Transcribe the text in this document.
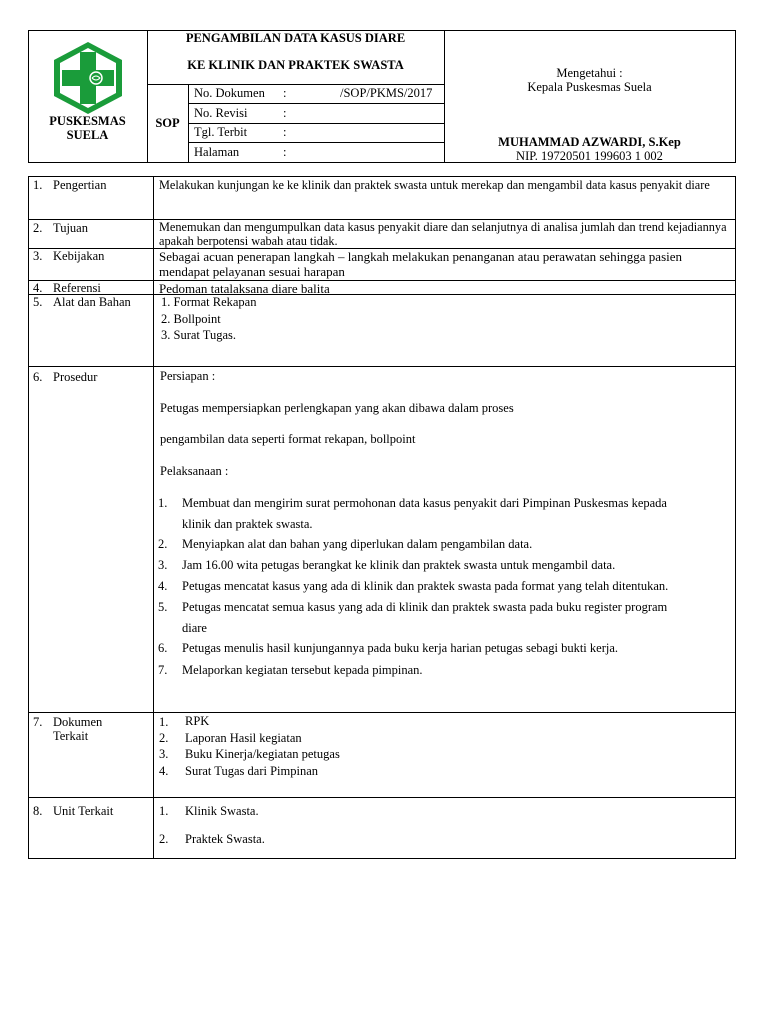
PUSKESMAS
SUELA
SOP
PENGAMBILAN DATA KASUS DIARE
KE KLINIK DAN PRAKTEK SWASTA
No. Dokumen :	/SOP/PKMS/2017
No. Revisi	:
Tgl. Terbit	:
Halaman	:
Mengetahui :
Kepala Puskesmas Suela
MUHAMMAD AZWARDI, S.Kep
NIP. 19720501 199603 1 002
1. Pengertian	Melakukan kunjungan ke ke klinik dan praktek swasta untuk merekap dan mengambil data kasus penyakit diare
2. Tujuan	Menemukan dan mengumpulkan data kasus penyakit diare dan selanjutnya di analisa jumlah dan trend kejadiannya apakah berpotensi wabah atau tidak.
3. Kebijakan	Sebagai acuan penerapan langkah – langkah melakukan penanganan atau perawatan sehingga pasien mendapat pelayanan sesuai harapan
4. Referensi	Pedoman tatalaksana diare balita
5. Alat dan Bahan 1. Format Rekapan
2. Bollpoint
3. Surat Tugas.
6. Prosedur	Persiapan :
Petugas mempersiapkan perlengkapan yang akan dibawa dalam proses
pengambilan data seperti format rekapan, bollpoint
Pelaksanaan :
1. Membuat dan mengirim surat permohonan data kasus penyakit dari Pimpinan Puskesmas kepada
klinik dan praktek swasta.
2. Menyiapkan alat dan bahan yang diperlukan dalam pengambilan data.
3. Jam 16.00 wita petugas berangkat ke klinik dan praktek swasta untuk mengambil data.
4. Petugas mencatat kasus yang ada di klinik dan praktek swasta pada format yang telah ditentukan.
5. Petugas mencatat semua kasus yang ada di klinik dan praktek swasta pada buku register program
diare
6. Petugas menulis hasil kunjungannya pada buku kerja harian petugas sebagi bukti kerja.
7. Melaporkan kegiatan tersebut kepada pimpinan.
7. Dokumen
Terkait
1. RPK
2. Laporan Hasil kegiatan
3. Buku Kinerja/kegiatan petugas
4. Surat Tugas dari Pimpinan
8. Unit Terkait	1. Klinik Swasta.
2. Praktek Swasta.
